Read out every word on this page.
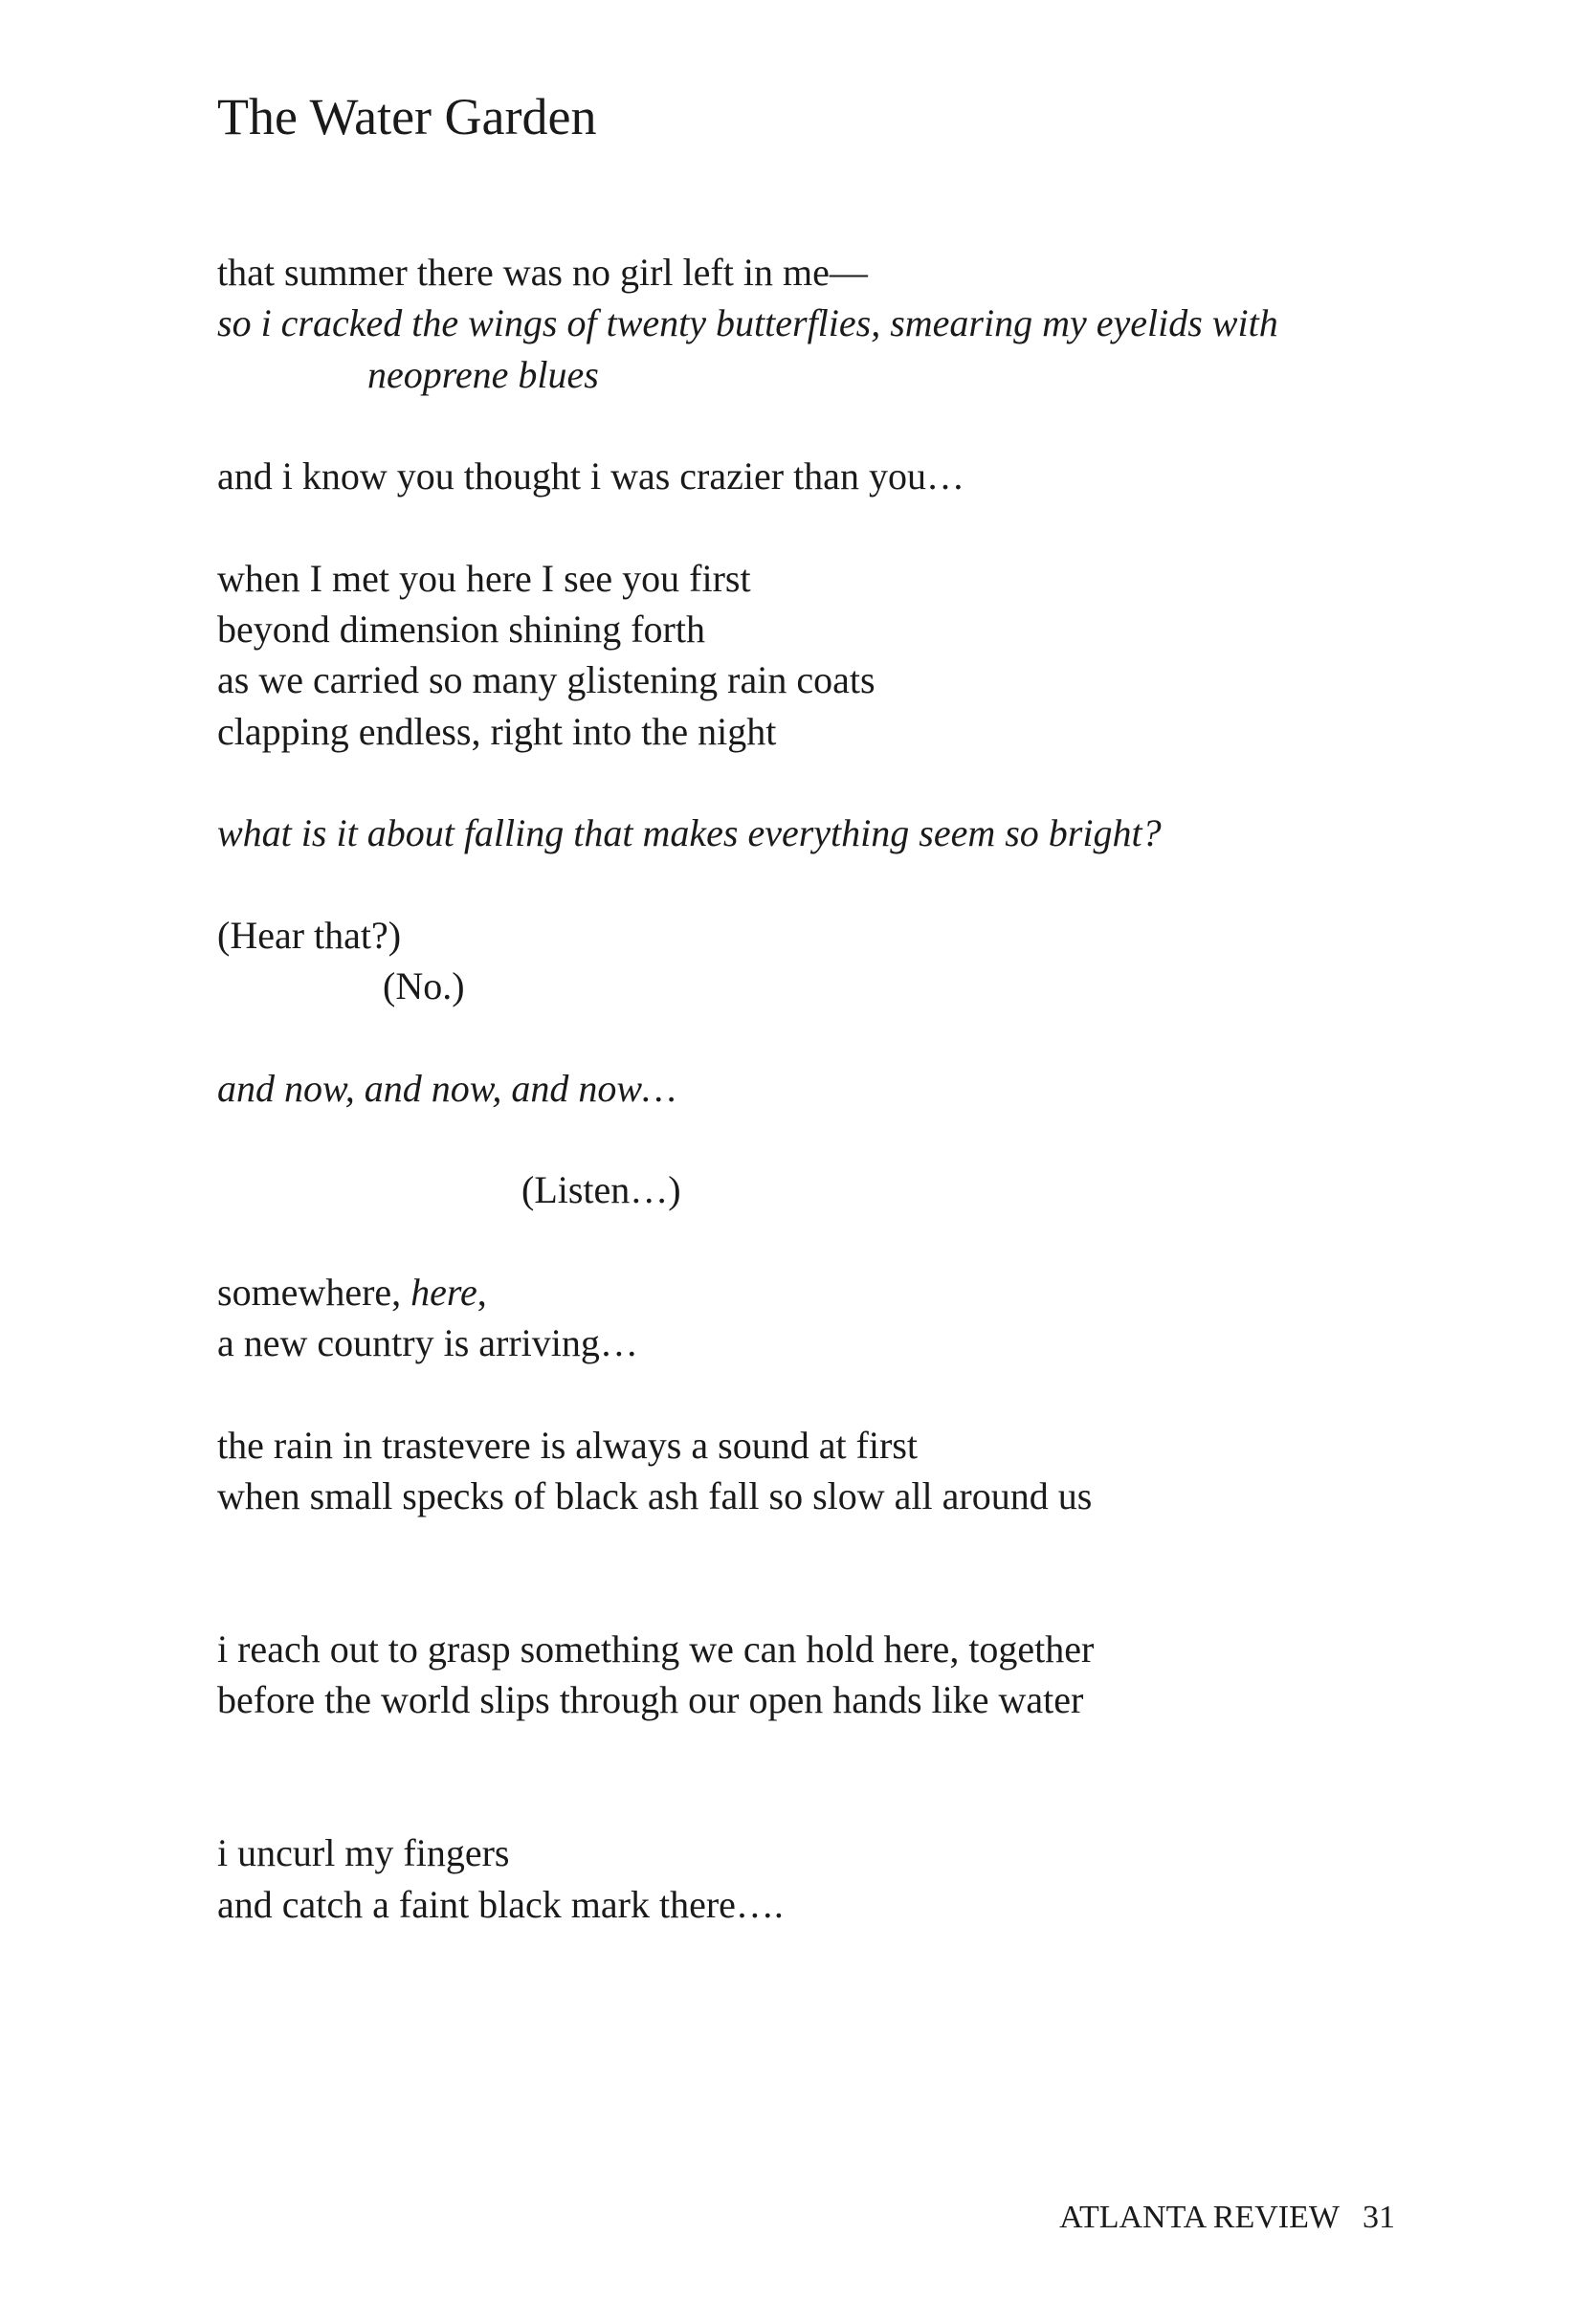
The Water Garden
that summer there was no girl left in me—
so i cracked the wings of twenty butterflies, smearing my eyelids with
neoprene blues
and i know you thought i was crazier than you…
when I met you here I see you first
beyond dimension shining forth
as we carried so many glistening rain coats
clapping endless, right into the night
what is it about falling that makes everything seem so bright?
(Hear that?)
(No.)
and now, and now, and now…
(Listen…)
somewhere, here,
a new country is arriving…
the rain in trastevere is always a sound at first
when small specks of black ash fall so slow all around us
i reach out to grasp something we can hold here, together
before the world slips through our open hands like water
i uncurl my fingers
and catch a faint black mark there….
ATLANTA REVIEW 31
